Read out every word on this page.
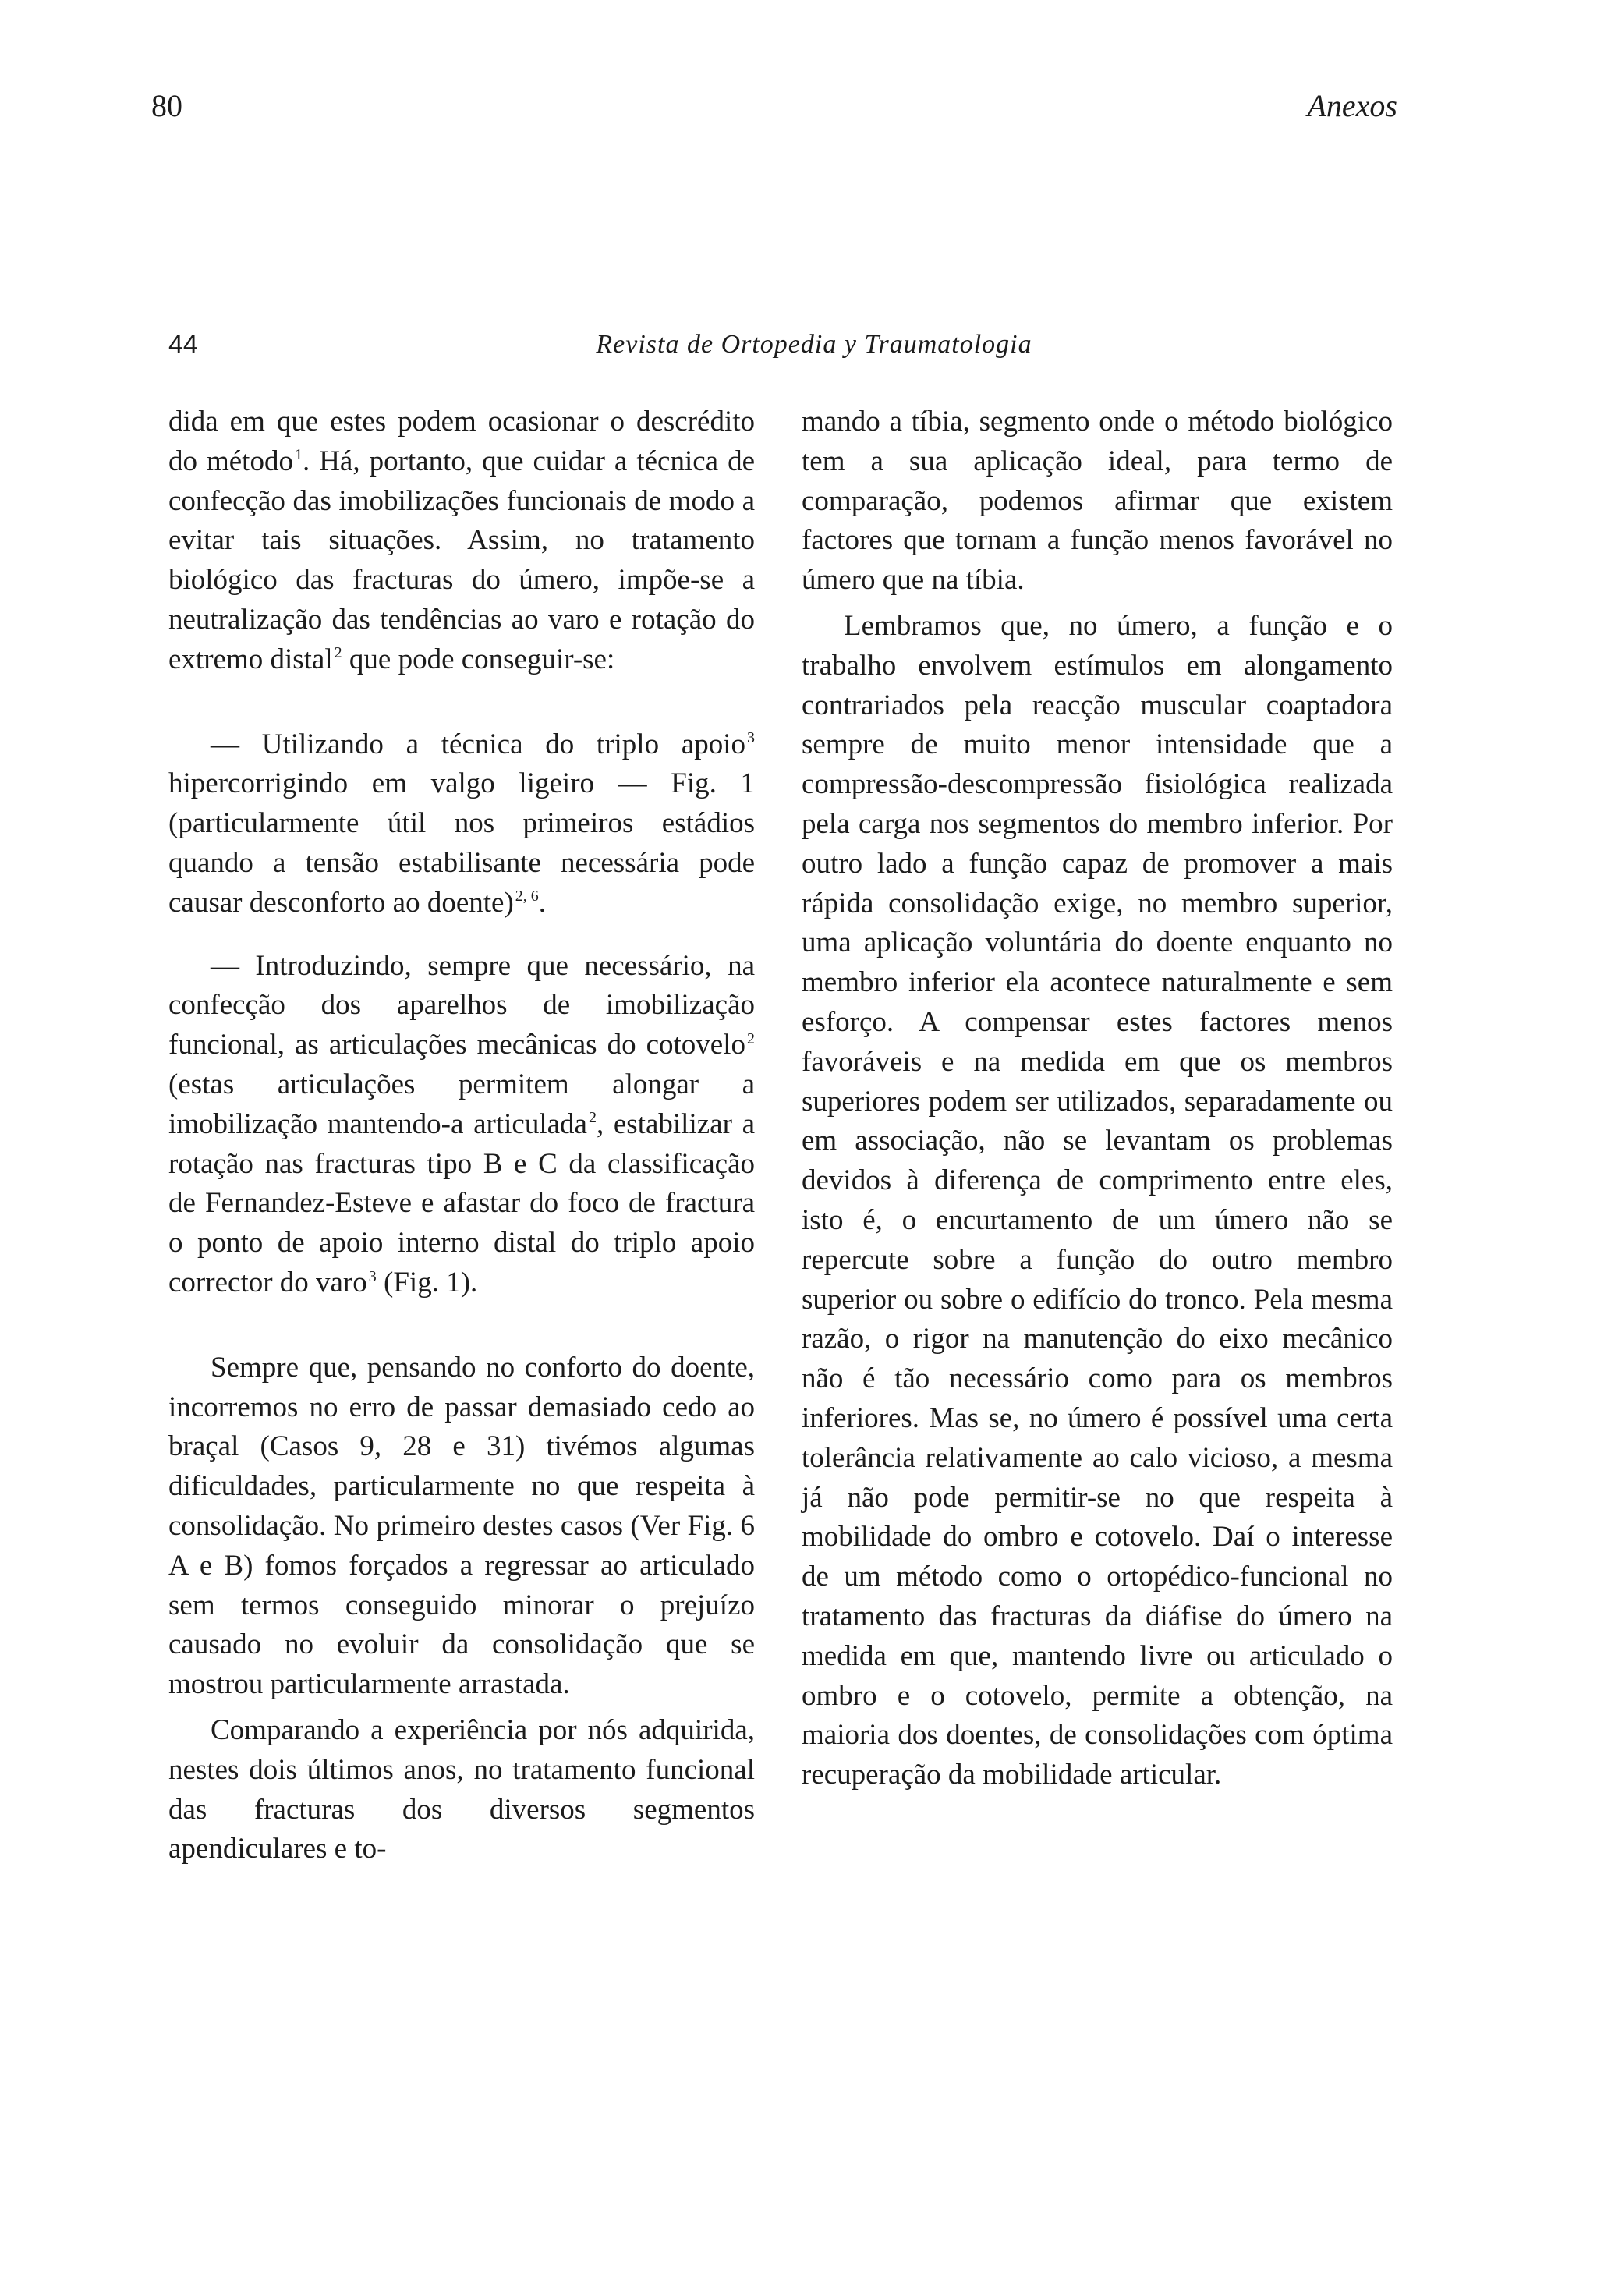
80	Anexos
44	Revista de Ortopedia y Traumatologia

dida em que estes podem ocasionar o descrédito do método $^1$. Há, portanto, que cuidar a técnica de confecção das imobilizações funcionais de modo a evitar tais situações. Assim, no tratamento biológico das fracturas do úmero, impõe-se a neutralização das tendências ao varo e rotação do extremo distal $^2$ que pode conseguir-se:

— Utilizando a técnica do triplo apoio $^3$ hipercorrigindo em valgo ligeiro — Fig. 1 (particularmente útil nos primeiros estádios quando a tensão estabilisante necessária pode causar desconforto ao doente) $^{2, 6}$.

— Introduzindo, sempre que necessário, na confecção dos aparelhos de imobilização funcional, as articulações mecânicas do cotovelo $^2$ (estas articulações permitem alongar a imobilização mantendo-a articulada $^2$, estabilizar a rotação nas fracturas tipo B e C da classificação de Fernandez-Esteve e afastar do foco de fractura o ponto de apoio interno distal do triplo apoio corrector do varo $^3$ (Fig. 1).

Sempre que, pensando no conforto do doente, incorremos no erro de passar demasiado cedo ao braçal (Casos 9, 28 e 31) tivémos algumas dificuldades, particularmente no que respeita à consolidação. No primeiro destes casos (Ver Fig. 6 A e B) fomos forçados a regressar ao articulado sem termos conseguido minorar o prejuízo causado no evoluir da consolidação que se mostrou particularmente arrastada.

Comparando a experiência por nós adquirida, nestes dois últimos anos, no tratamento funcional das fracturas dos diversos segmentos apendiculares e to-

mando a tíbia, segmento onde o método biológico tem a sua aplicação ideal, para termo de comparação, podemos afirmar que existem factores que tornam a função menos favorável no úmero que na tíbia.

Lembramos que, no úmero, a função e o trabalho envolvem estímulos em alongamento contrariados pela reacção muscular coaptadora sempre de muito menor intensidade que a compressão-descompressão fisiológica realizada pela carga nos segmentos do membro inferior. Por outro lado a função capaz de promover a mais rápida consolidação exige, no membro superior, uma aplicação voluntária do doente enquanto no membro inferior ela acontece naturalmente e sem esforço. A compensar estes factores menos favoráveis e na medida em que os membros superiores podem ser utilizados, separadamente ou em associação, não se levantam os problemas devidos à diferença de comprimento entre eles, isto é, o encurtamento de um úmero não se repercute sobre a função do outro membro superior ou sobre o edifício do tronco. Pela mesma razão, o rigor na manutenção do eixo mecânico não é tão necessário como para os membros inferiores. Mas se, no úmero é possível uma certa tolerância relativamente ao calo vicioso, a mesma já não pode permitir-se no que respeita à mobilidade do ombro e cotovelo. Daí o interesse de um método como o ortopédico-funcional no tratamento das fracturas da diáfise do úmero na medida em que, mantendo livre ou articulado o ombro e o cotovelo, permite a obtenção, na maioria dos doentes, de consolidações com óptima recuperação da mobilidade articular.
